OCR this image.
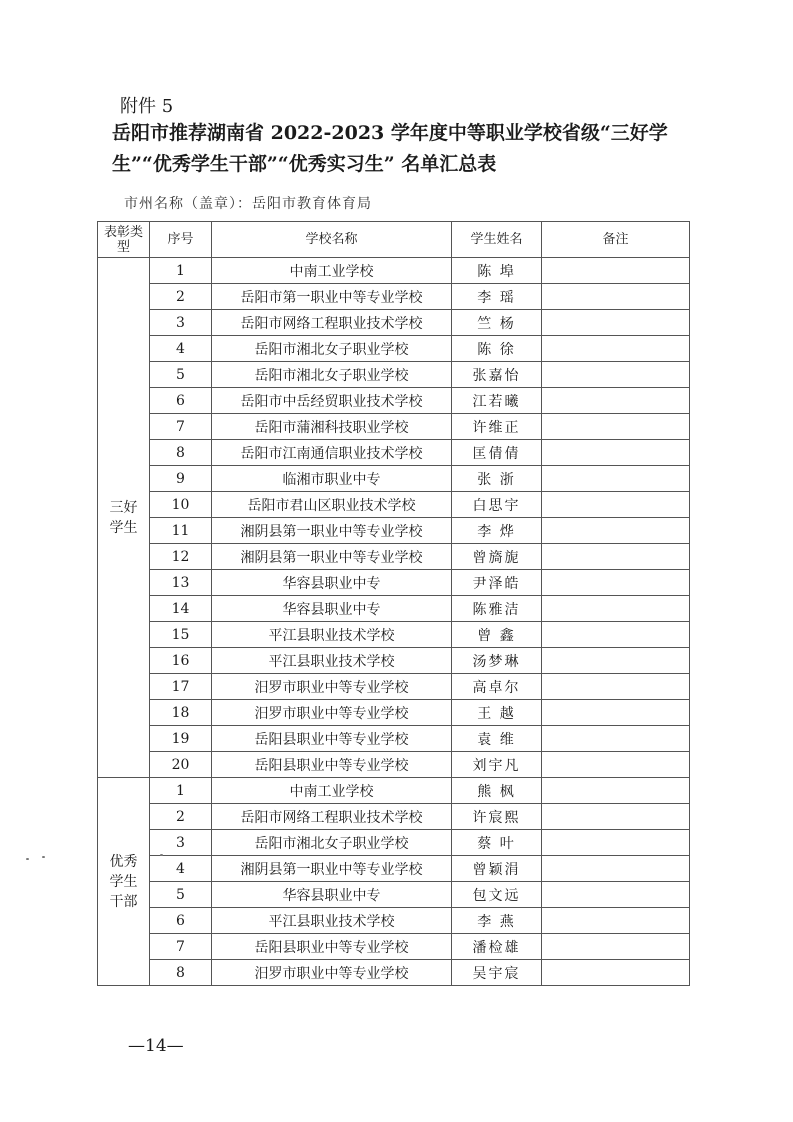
附件 5
岳阳市推荐湖南省 2022-2023 学年度中等职业学校省级“三好学
生”“优秀学生干部”“优秀实习生” 名单汇总表
市州名称（盖章）：岳阳市教育体育局
表彰类型	序号	学校名称	学生姓名	备注

三好
学生	1	中南工业学校	陈 埠	
	2	岳阳市第一职业中等专业学校	李 瑶	
	3	岳阳市网络工程职业技术学校	竺 杨	
	4	岳阳市湘北女子职业学校	陈 徐	
	5	岳阳市湘北女子职业学校	张嘉怡	
	6	岳阳市中岳经贸职业技术学校	江若曦	
	7	岳阳市蒲湘科技职业学校	许维正	
	8	岳阳市江南通信职业技术学校	匡倩倩	
	9	临湘市职业中专	张 浙	
	10	岳阳市君山区职业技术学校	白思宇	
	11	湘阴县第一职业中等专业学校	李 烨	
	12	湘阴县第一职业中等专业学校	曾旖旎	
	13	华容县职业中专	尹泽皓	
	14	华容县职业中专	陈雅洁	
	15	平江县职业技术学校	曾 鑫	
	16	平江县职业技术学校	汤梦琳	
	17	汨罗市职业中等专业学校	高卓尔	
	18	汨罗市职业中等专业学校	王 越	
	19	岳阳县职业中等专业学校	袁 维	
	20	岳阳县职业中等专业学校	刘宇凡	

优秀
学生
干部	1	中南工业学校	熊 枫	
	2	岳阳市网络工程职业技术学校	许宸熙	
	3	岳阳市湘北女子职业学校	蔡 叶	
	4	湘阴县第一职业中等专业学校	曾颖涓	
	5	华容县职业中专	包文远	
	6	平江县职业技术学校	李 燕	
	7	岳阳县职业中等专业学校	潘检雄	
	8	汨罗市职业中等专业学校	吴宇宸	
—14—
